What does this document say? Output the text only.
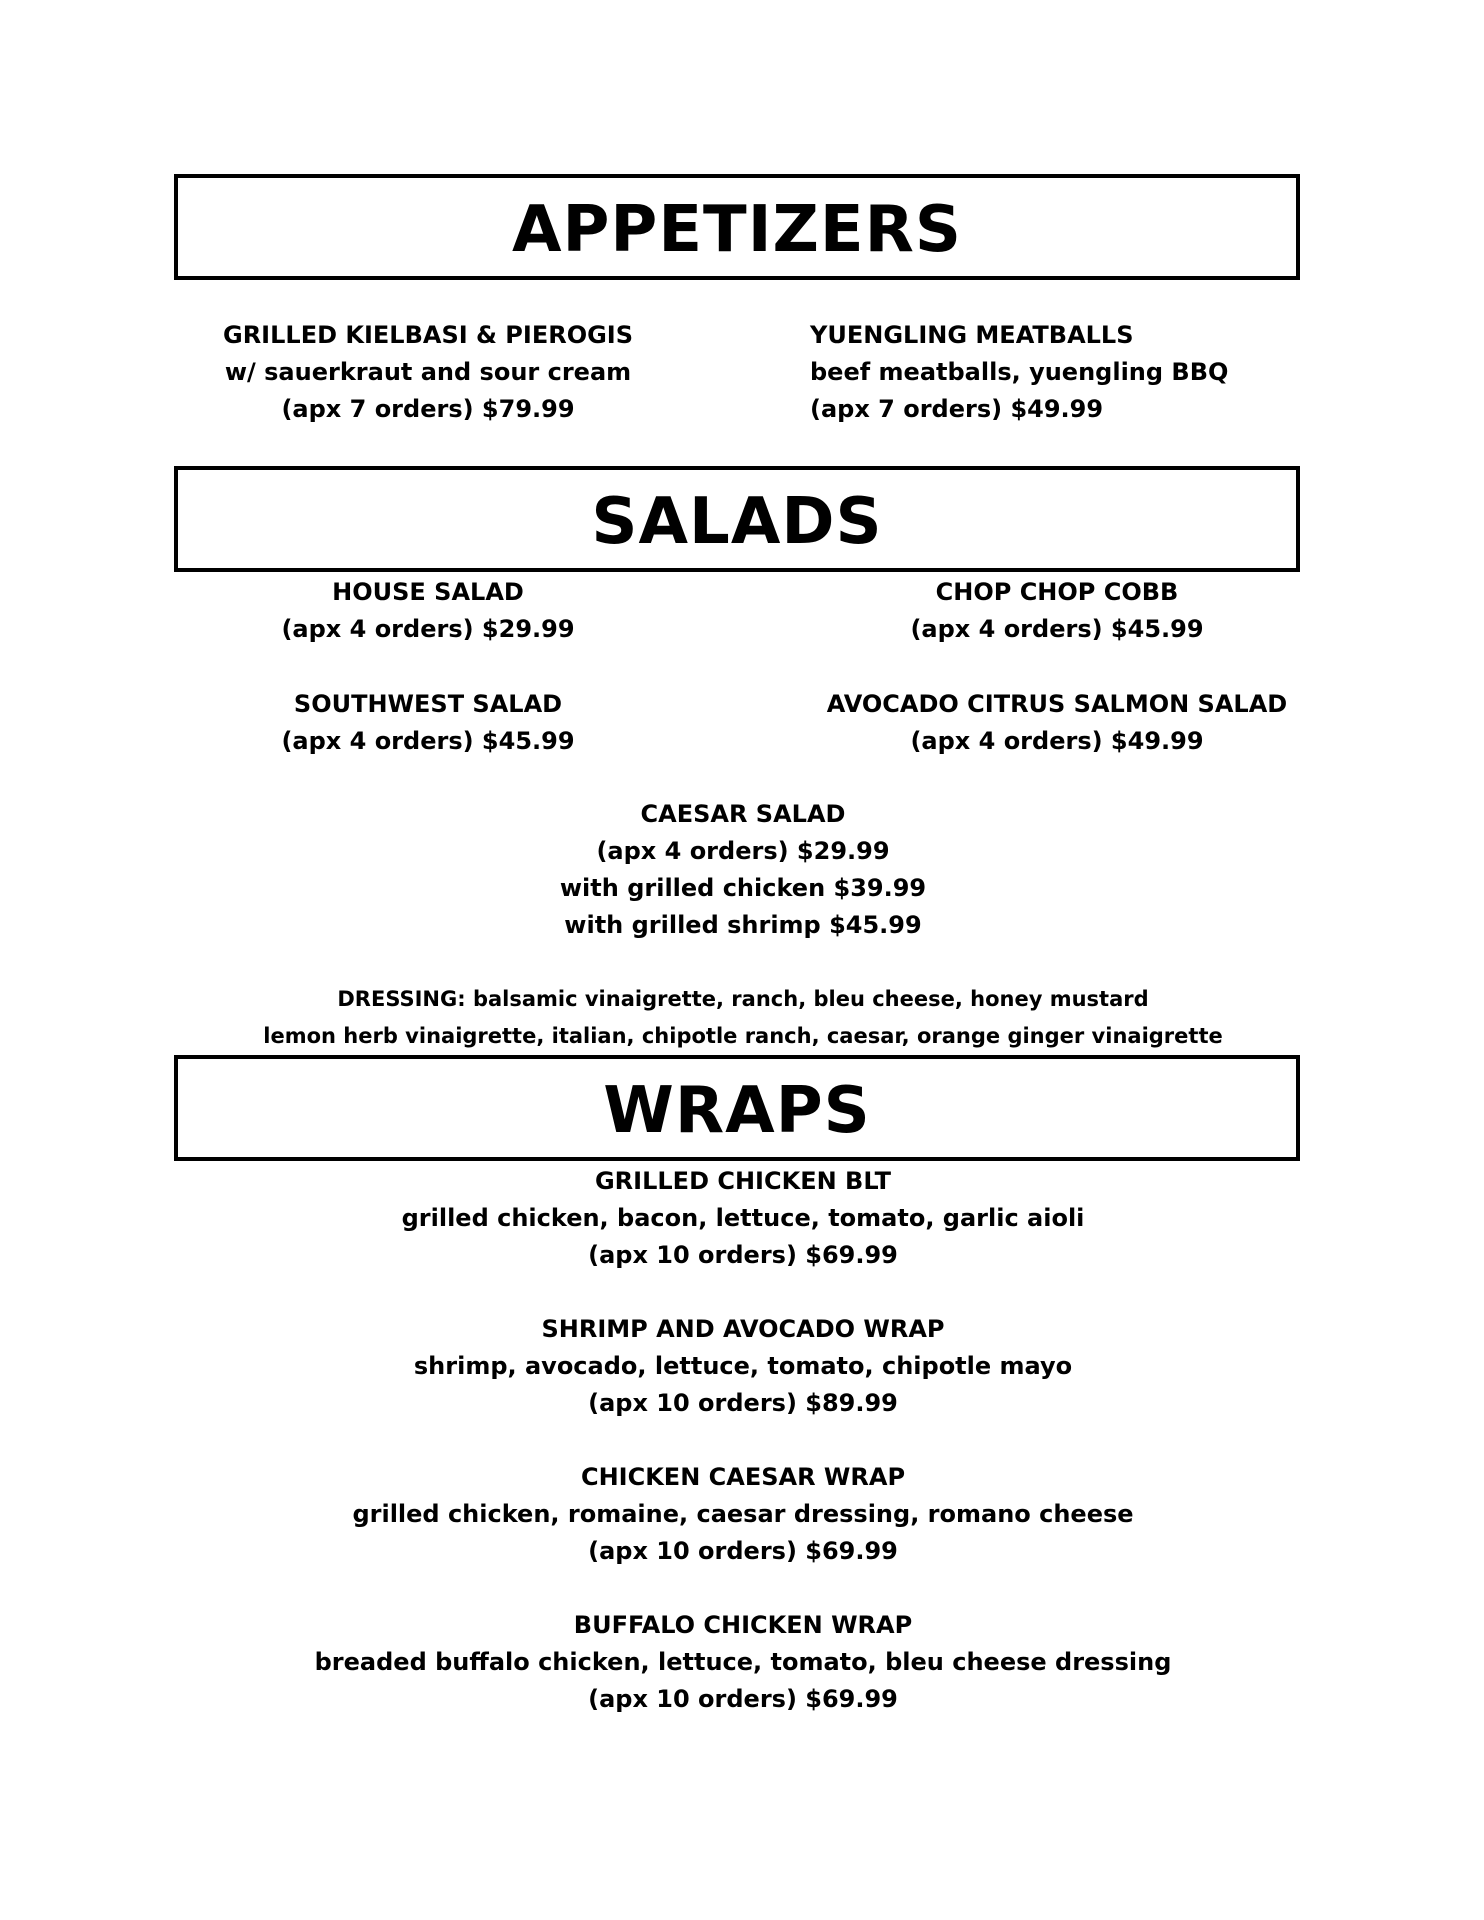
APPETIZERS
GRILLED KIELBASI & PIEROGIS
w/ sauerkraut and sour cream
(apx 7 orders) $79.99
YUENGLING MEATBALLS
beef meatballs, yuengling BBQ
(apx 7 orders) $49.99
SALADS
HOUSE SALAD
(apx 4 orders) $29.99
CHOP CHOP COBB
(apx 4 orders) $45.99
SOUTHWEST SALAD
(apx 4 orders) $45.99
AVOCADO CITRUS SALMON SALAD
(apx 4 orders) $49.99
CAESAR SALAD
(apx 4 orders) $29.99
with grilled chicken $39.99
with grilled shrimp $45.99
DRESSING: balsamic vinaigrette, ranch, bleu cheese, honey mustard
lemon herb vinaigrette, italian, chipotle ranch, caesar, orange ginger vinaigrette
WRAPS
GRILLED CHICKEN BLT
grilled chicken, bacon, lettuce, tomato, garlic aioli
(apx 10 orders) $69.99
SHRIMP AND AVOCADO WRAP
shrimp, avocado, lettuce, tomato, chipotle mayo
(apx 10 orders) $89.99
CHICKEN CAESAR WRAP
grilled chicken, romaine, caesar dressing, romano cheese
(apx 10 orders) $69.99
BUFFALO CHICKEN WRAP
breaded buffalo chicken, lettuce, tomato, bleu cheese dressing
(apx 10 orders) $69.99
